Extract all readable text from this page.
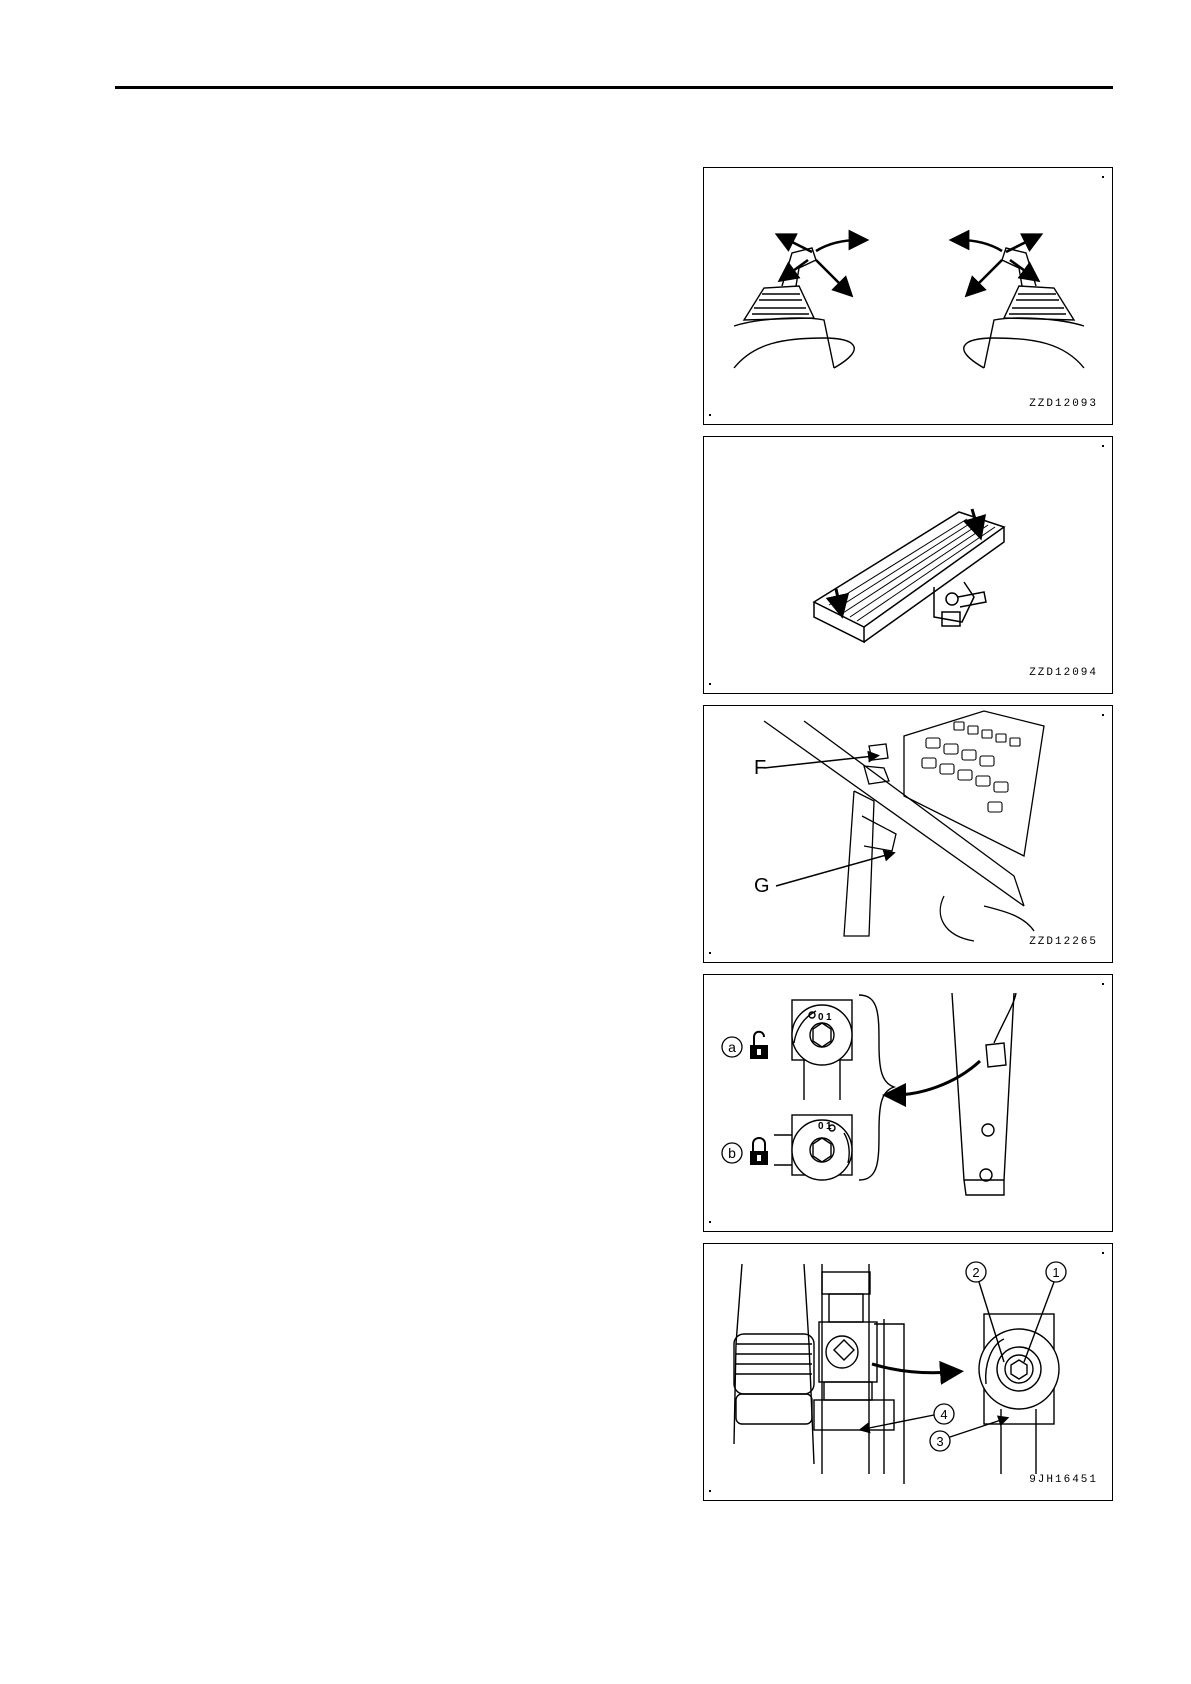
ZZD12093
ZZD12094
F
G
ZZD12265
a
b
1
0
1
0
2	1
4
3
9JH16451
